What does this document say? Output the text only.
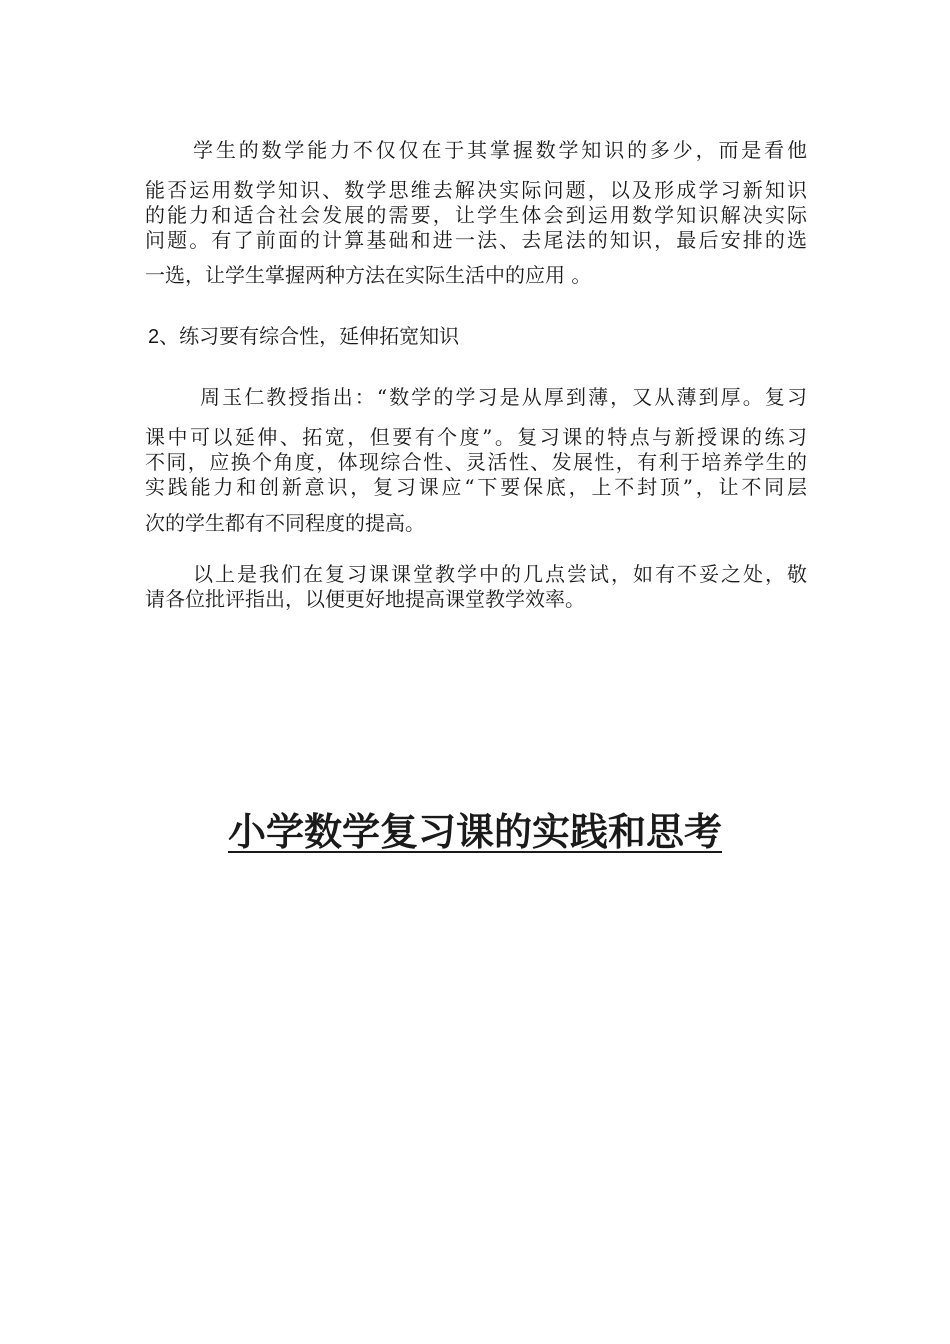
学生的数学能力不仅仅在于其掌握数学知识的多少，而是看他
能否运用数学知识、数学思维去解决实际问题，以及形成学习新知识
的能力和适合社会发展的需要，让学生体会到运用数学知识解决实际
问题。有了前面的计算基础和进一法、去尾法的知识，最后安排的选
一选，让学生掌握两种方法在实际生活中的应用 。
2、练习要有综合性，延伸拓宽知识
周玉仁教授指出：“数学的学习是从厚到薄，又从薄到厚。复习
课中可以延伸、拓宽，但要有个度”。复习课的特点与新授课的练习
不同，应换个角度，体现综合性、灵活性、发展性，有利于培养学生的
实践能力和创新意识，复习课应“下要保底，上不封顶”，让不同层
次的学生都有不同程度的提高。
以上是我们在复习课课堂教学中的几点尝试，如有不妥之处，敬
请各位批评指出，以便更好地提高课堂教学效率。
小学数学复习课的实践和思考
